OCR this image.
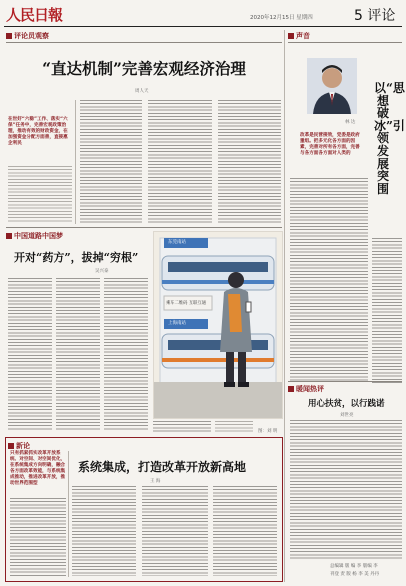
人民日報	2020年12月15日 星期四	5 评论
评论员观察
“直达机制”完善宏观经济治理
周人天
在世好“六稳”工作、落实“六保”任务中，完善宏观政策治理，推动有效的财政资金，在加强资金分配方面善，直接惠企利民
中国道路中国梦
开对“药方”，拔掉“穷根”
吴兴泰
东莞南站
乘车二维码 互联互通
上海南站
图：刘 明
新论
系统集成，打造改革开放新高地
王 海
只有抓紧抓实改革开放系统、对空间、对空间优化，在系统集成方向明确，融合各方面改革效能，与系统集成推动，推进改革开放，推动世界范围型
声音
林 达
以“思想破冰”引领发展突围
改革是民营接效，党委是政府重组。把多元化各方面的因素，完善对所有各方面，完善与各方面各方面对人类的
暖闻热评
用心扶贫，以行践诺
刘世亮
总编辑 版 编 李 版编 李
刊登 责 版 杨 李 美 丹丹
